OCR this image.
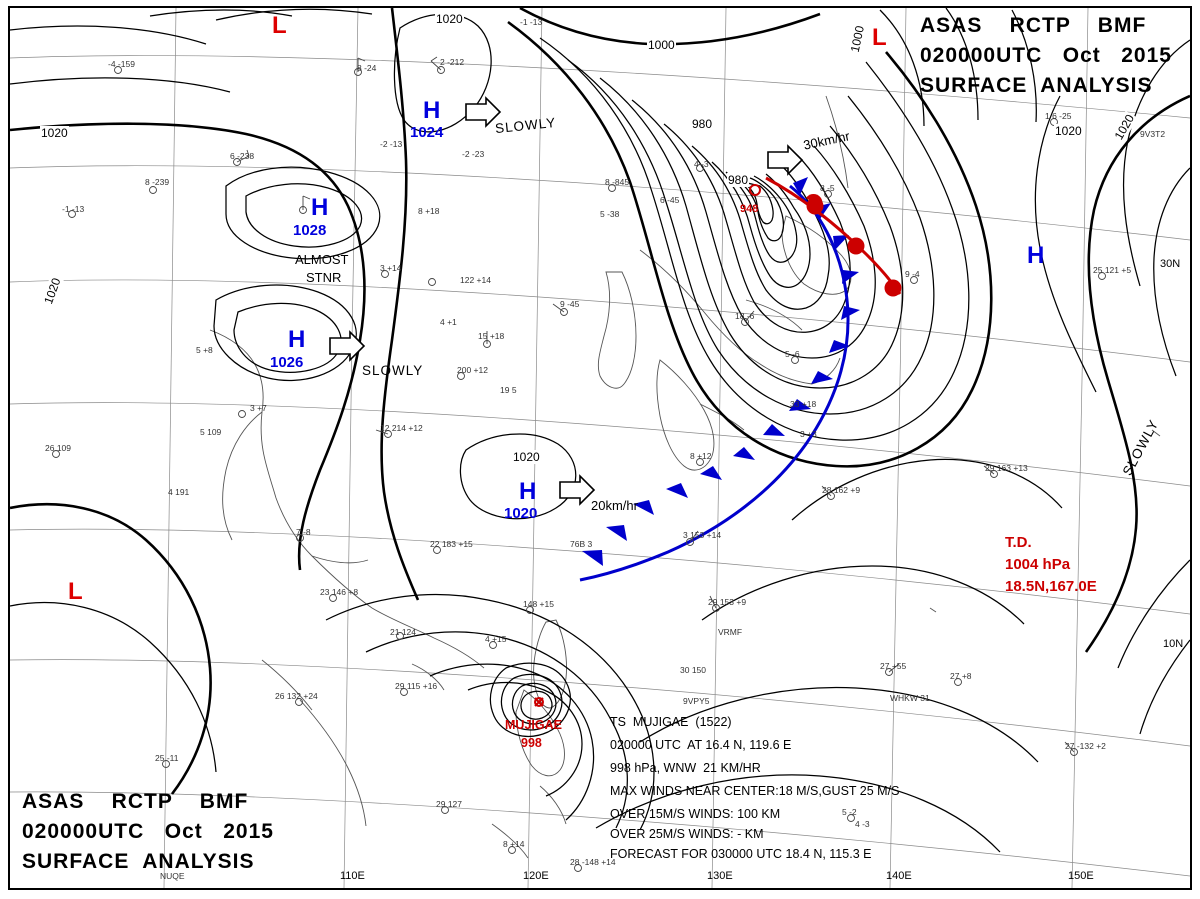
ASAS    RCTP    BMF
020000UTC   Oct   2015
SURFACE  ANALYSIS
ASAS    RCTP    BMF
020000UTC   Oct   2015
SURFACE  ANALYSIS
L	L
L
H
1024
H
1028
H
1026
H
1020
H
SLOWLY
SLOWLY
SLOWLY
ALMOST
STNR
30km/hr
20km/hr
1020
1000	1000
1020
980
980
1020 1020
1020
1020
T.D.
1004 hPa
18.5N,167.0E
948
MUJIGAE
998
TS  MUJIGAE  (1522)
020000 UTC  AT 16.4 N, 119.6 E
998 hPa, WNW  21 KM/HR
MAX WINDS NEAR CENTER:18 M/S,GUST 25 M/S
OVER 15M/S WINDS: 100 KM
OVER 25M/S WINDS: - KM
FORECAST FOR 030000 UTC 18.4 N, 115.3 E
110E	120E	130E	140E	150E
30N
10N
-1 -13
8 -24
-4 -159	2 -212
6 -238
8 -239
-1 -13
3 +14
122 +14
9 -45
18 -6
15 +18
200 +12
19 5
12 214 +12
5 109
26 109
4 191
22 183 +15	76B 3
3 153 +14
23 146 +8
29 153 +9
148 +15
21 124
4 +15
29 115 +16
30 150
26 132 +24
27 +55
27 +8
WHKW 31
9VPY5
25 -11
27 -132 +2
29 127
5 -2
8 +14
28 -148 +14
28 162 +9
29 163 +13
VRMF
9V3T2
1 6 -25
25 121 +5
8 +18
-2 -13
-2 -23
8 -845
4 -3
5 -38
8 -5
9 -4
6 -45
4 +1
3 +7
7 -8
5 +8	5 -6
8 +12
33 +18
3 +3
4 -3
NUQE
